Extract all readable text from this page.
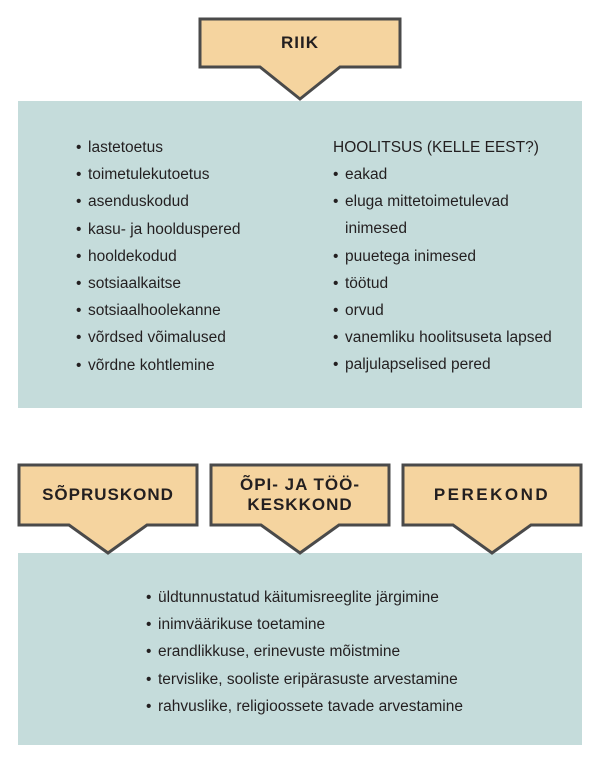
RIIK
SÕPRUSKOND
ÕPI- JA TÖÖ-
KESKKOND
PEREKOND
• lastetoetus
• toimetulekutoetus
• asenduskodud
• kasu- ja hoolduspered
• hooldekodud
• sotsiaalkaitse
• sotsiaalhoolekanne
• võrdsed võimalused
• võrdne kohtlemine
HOOLITSUS (KELLE EEST?)
• eakad
• eluga mittetoimetulevad
inimesed
• puuetega inimesed
• töötud
• orvud
• vanemliku hoolitsuseta lapsed
• paljulapselised pered
• üldtunnustatud käitumisreeglite järgimine
• inimväärikuse toetamine
• erandlikkuse, erinevuste mõistmine
• tervislike, sooliste eripärasuste arvestamine
• rahvuslike, religioossete tavade arvestamine
